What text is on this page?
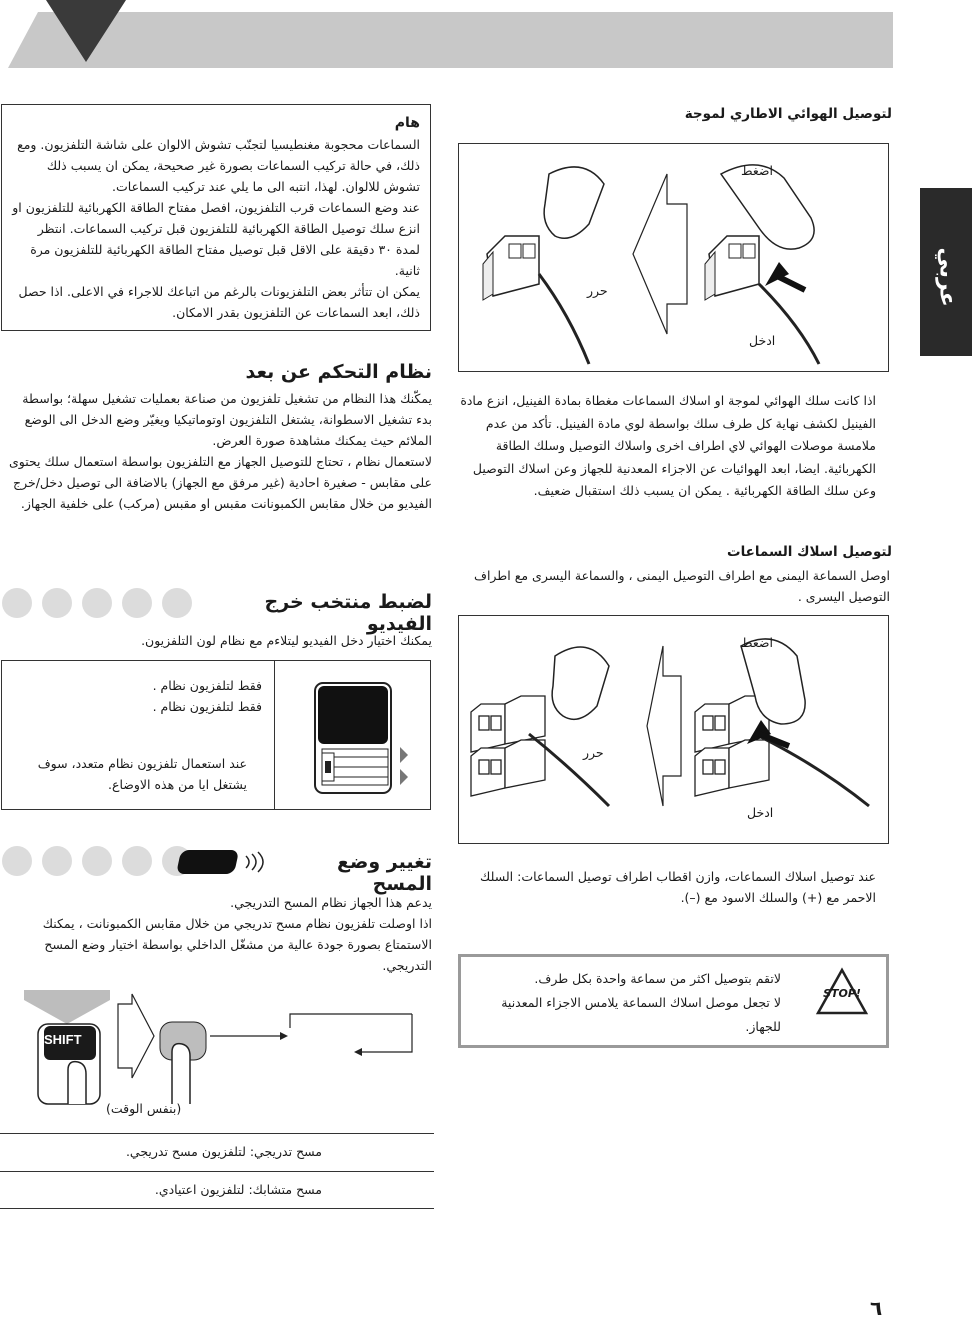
عربي
هام

السماعات محجوبة مغنطيسيا لتجنّب تشوش الالوان على شاشة التلفزيون. ومع ذلك، في حالة تركيب السماعات بصورة غير صحيحة، يمكن ان يسبب ذلك تشوش للالوان. لهذا، انتبه الى ما يلي عند تركيب السماعات.

عند وضع السماعات قرب التلفزيون، افصل مفتاح الطاقة الكهربائية للتلفزيون او انزع سلك توصيل الطاقة الكهربائية للتلفزيون قبل تركيب السماعات. انتظر لمدة ٣٠ دقيقة على الاقل قبل توصيل مفتاح الطاقة الكهربائية للتلفزيون مرة ثانية.

يمكن ان تتأثر بعض التلفزيونات بالرغم من اتباعك للاجراء في الاعلى. اذا حصل ذلك، ابعد السماعات عن التلفزيون بقدر الامكان.

نظام التحكم عن بعد

يمكّنك هذا النظام من تشغيل تلفزيون من صناعة بعمليات تشغيل سهلة؛ بواسطة بدء تشغيل الاسطوانة، يشتغل التلفزيون اوتوماتيكيا ويغيّر وضع الدخل الى الوضع الملائم حيث يمكنك مشاهدة صورة العرض.

لاستعمال نظام ، تحتاج للتوصيل الجهاز مع التلفزيون بواسطة استعمال سلك يحتوى على مقابس - صغيرة احادية (غير مرفق مع الجهاز) بالاضافة الى توصيل دخل/خرج الفيديو من خلال مقابس الكمبونانت مقبس او مقبس (مركب) على خلفية الجهاز.

لضبط منتخب خرج الفيديو
يمكنك اختيار دخل الفيديو ليتلاءم مع نظام لون التلفزيون.

فقط لتلفزيون نظام .

فقط لتلفزيون نظام .

عند استعمال تلفزيون نظام متعدد، سوف يشتغل ايا من هذه الاوضاع.
تغيير وضع المسح

يدعم هذا الجهاز نظام المسح التدريجي.

اذا اوصلت تلفزيون نظام مسح تدريجي من خلال مقابس الكمبونانت ، يمكنك الاستمتاع بصورة جودة عالية من مشغّل الداخلي بواسطة اختيار وضع المسح التدريجي.

SHIFT
(بنفس الوقت)
مسح تدريجي: لتلفزيون مسح تدريجي.
مسح متشابك: لتلفزيون اعتيادي.
لتوصيل الهوائي الاطاري لموجة
اضغط
حرر
ادخل
اذا كانت سلك الهوائي لموجة او اسلاك السماعات مغطاة بمادة الفينيل، انزع مادة الفينيل لكشف نهاية كل طرف سلك بواسطة لوي مادة الفينيل. تأكد من عدم ملامسة موصلات الهوائي لاي اطراف اخرى واسلاك التوصيل وسلك الطاقة الكهربائية. ايضا، ابعد الهوائيات عن الاجزاء المعدنية للجهاز وعن اسلاك التوصيل وعن سلك الطاقة الكهربائية . يمكن ان يسبب ذلك استقبال ضعيف.
لتوصيل اسلاك السماعات
اوصل السماعة اليمنى مع اطراف التوصيل اليمنى ، والسماعة اليسرى مع اطراف التوصيل اليسرى .
اضغط
حرر
ادخل
عند توصيل اسلاك السماعات، وازن اقطاب اطراف توصيل السماعات: السلك الاحمر مع (+) والسلك الاسود مع (–).
STOP!

لاتقم بتوصيل اكثر من سماعة واحدة بكل طرف.

لا تجعل موصل اسلاك السماعة يلامس الاجزاء المعدنية للجهاز.

٦
